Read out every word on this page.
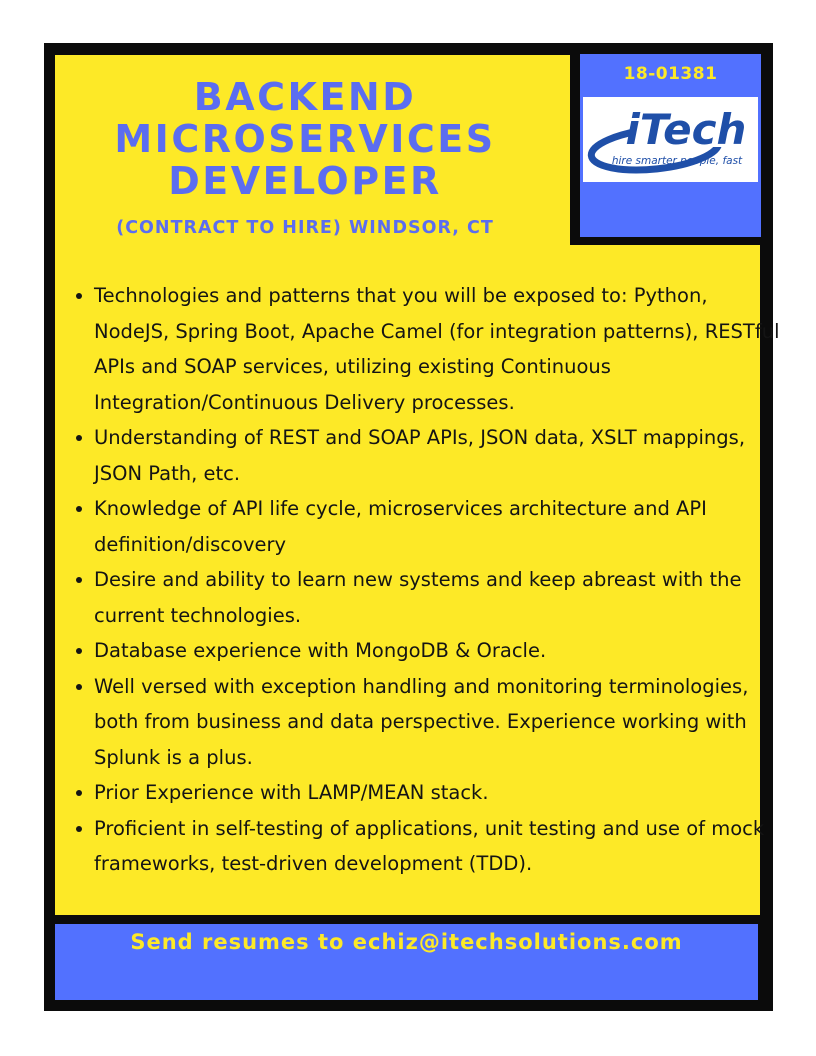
18-01381
iTech
hire smarter people, fast
BACKEND
MICROSERVICES
DEVELOPER
(CONTRACT TO HIRE) WINDSOR, CT
Technologies and patterns that you will be exposed to: Python, NodeJS, Spring Boot, Apache Camel (for integration patterns), RESTful APIs and SOAP services, utilizing existing Continuous Integration/Continuous Delivery processes.
Understanding of REST and SOAP APIs, JSON data, XSLT mappings, JSON Path, etc.
Knowledge of API life cycle, microservices architecture and API definition/discovery
Desire and ability to learn new systems and keep abreast with the current technologies.
Database experience with MongoDB & Oracle.
Well versed with exception handling and monitoring terminologies, both from business and data perspective. Experience working with Splunk is a plus.
Prior Experience with LAMP/MEAN stack.
Proficient in self-testing of applications, unit testing and use of mock frameworks, test-driven development (TDD).
Send resumes to echiz@itechsolutions.com
